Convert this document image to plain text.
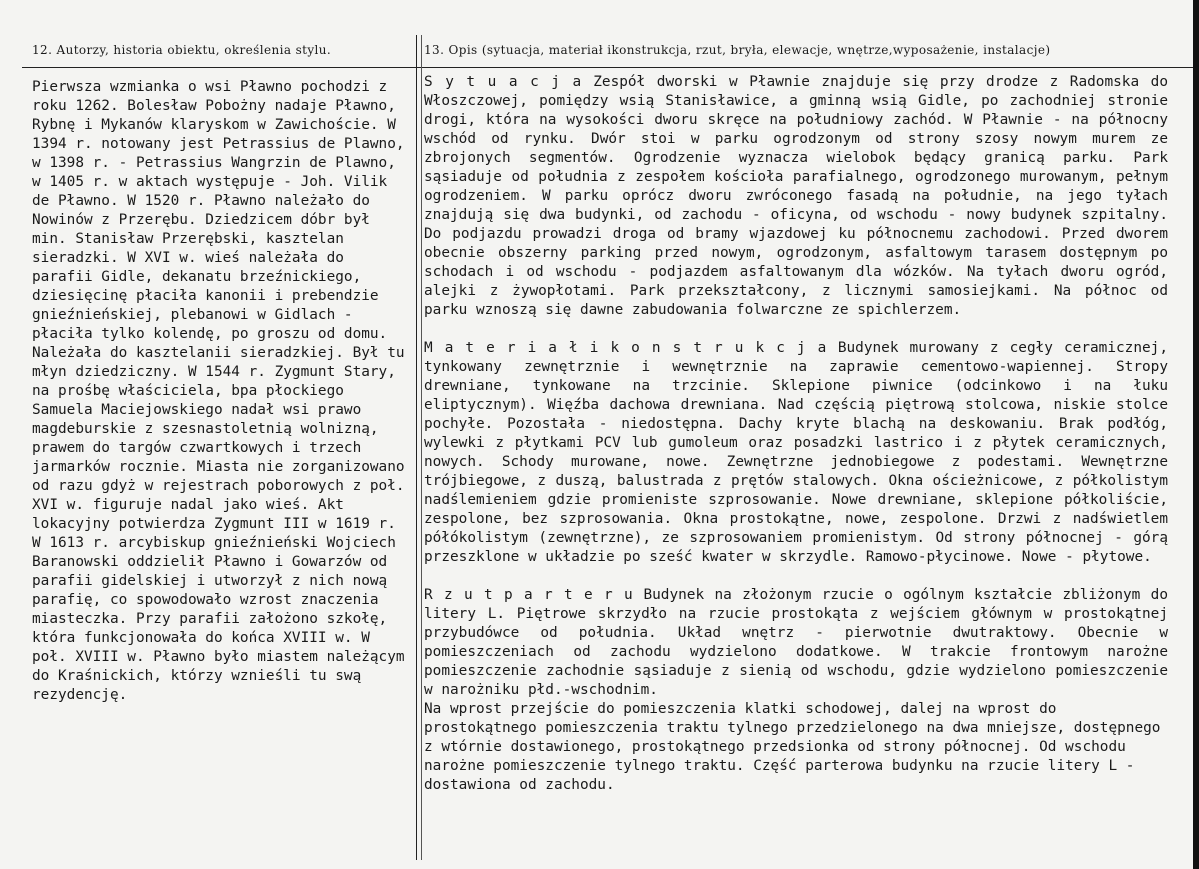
12. Autorzy, historia obiektu, określenia stylu.	13. Opis (sytuacja, materiał ikonstrukcja, rzut, bryła, elewacje, wnętrze,wyposażenie, instalacje)

Pierwsza wzmianka o wsi Pławno pochodzi z roku 1262. Bolesław Pobożny nadaje Pławno, Rybnę i Mykanów klaryskom w Zawichoście. W 1394 r. notowany jest Petrassius de Plawno, w 1398 r. - Petrassius Wangrzin de Plawno, w 1405 r. w aktach występuje - Joh. Vilik de Pławno. W 1520 r. Pławno należało do Nowinów z Przerębu. Dziedzicem dóbr był min. Stanisław Przerębski, kasztelan sieradzki. W XVI w. wieś należała do parafii Gidle, dekanatu brzeźnickiego, dziesięcinę płaciła kanonii i prebendzie gnieźnieńskiej, plebanowi w Gidlach - płaciła tylko kolendę, po groszu od domu. Należała do kasztelanii sieradzkiej. Był tu młyn dziedziczny. W 1544 r. Zygmunt Stary, na prośbę właściciela, bpa płockiego Samuela Maciejowskiego nadał wsi prawo magdeburskie z szesnastoletnią wolnizną, prawem do targów czwartkowych i trzech jarmarków rocznie. Miasta nie zorganizowano od razu gdyż w rejestrach poborowych z poł. XVI w. figuruje nadal jako wieś. Akt lokacyjny potwierdza Zygmunt III w 1619 r. W 1613 r. arcybiskup gnieźnieński Wojciech Baranowski oddzielił Pławno i Gowarzów od parafii gidelskiej i utworzył z nich nową parafię, co spowodowało wzrost znaczenia miasteczka. Przy parafii założono szkołę, która funkcjonowała do końca XVIII w. W poł. XVIII w. Pławno było miastem należącym do Kraśnickich, którzy wznieśli tu swą rezydencję.

S y t u a c j a Zespół dworski w Pławnie znajduje się przy drodze z Radomska do Włoszczowej, pomiędzy wsią Stanisławice, a gminną wsią Gidle, po zachodniej stronie drogi, która na wysokości dworu skręce na południowy zachód. W Pławnie - na północny wschód od rynku. Dwór stoi w parku ogrodzonym od strony szosy nowym murem ze zbrojonych segmentów. Ogrodzenie wyznacza wielobok będący granicą parku. Park sąsiaduje od południa z zespołem kościoła parafialnego, ogrodzonego murowanym, pełnym ogrodzeniem. W parku oprócz dworu zwróconego fasadą na południe, na jego tyłach znajdują się dwa budynki, od zachodu - oficyna, od wschodu - nowy budynek szpitalny. Do podjazdu prowadzi droga od bramy wjazdowej ku północnemu zachodowi. Przed dworem obecnie obszerny parking przed nowym, ogrodzonym, asfaltowym tarasem dostępnym po schodach i od wschodu - podjazdem asfaltowanym dla wózków. Na tyłach dworu ogród, alejki z żywopłotami. Park przekształcony, z licznymi samosiejkami. Na północ od parku wznoszą się dawne zabudowania folwarczne ze spichlerzem.

M a t e r i a ł i k o n s t r u k c j a Budynek murowany z cegły ceramicznej, tynkowany zewnętrznie i wewnętrznie na zaprawie cementowo-wapiennej. Stropy drewniane, tynkowane na trzcinie. Sklepione piwnice (odcinkowo i na łuku eliptycznym). Więźba dachowa drewniana. Nad częścią piętrową stolcowa, niskie stolce pochyłe. Pozostała - niedostępna. Dachy kryte blachą na deskowaniu. Brak podłóg, wylewki z płytkami PCV lub gumoleum oraz posadzki lastrico i z płytek ceramicznych, nowych. Schody murowane, nowe. Zewnętrzne jednobiegowe z podestami. Wewnętrzne trójbiegowe, z duszą, balustrada z prętów stalowych. Okna ościeżnicowe, z półkolistym nadślemieniem gdzie promieniste szprosowanie. Nowe drewniane, sklepione półkoliście, zespolone, bez szprosowania. Okna prostokątne, nowe, zespolone. Drzwi z nadświetlem półókolistym (zewnętrzne), ze szprosowaniem promienistym. Od strony północnej - górą przeszklone w układzie po sześć kwater w skrzydle. Ramowo-płycinowe. Nowe - płytowe.

R z u t p a r t e r u Budynek na złożonym rzucie o ogólnym kształcie zbliżonym do litery L. Piętrowe skrzydło na rzucie prostokąta z wejściem głównym w prostokątnej przybudówce od południa. Układ wnętrz - pierwotnie dwutraktowy. Obecnie w pomieszczeniach od zachodu wydzielono dodatkowe. W trakcie frontowym narożne pomieszczenie zachodnie sąsiaduje z sienią od wschodu, gdzie wydzielono pomieszczenie w narożniku płd.-wschodnim.

Na wprost przejście do pomieszczenia klatki schodowej, dalej na wprost do prostokątnego pomieszczenia traktu tylnego przedzielonego na dwa mniejsze, dostępnego z wtórnie dostawionego, prostokątnego przedsionka od strony północnej. Od wschodu narożne pomieszczenie tylnego traktu. Część parterowa budynku na rzucie litery L - dostawiona od zachodu.
